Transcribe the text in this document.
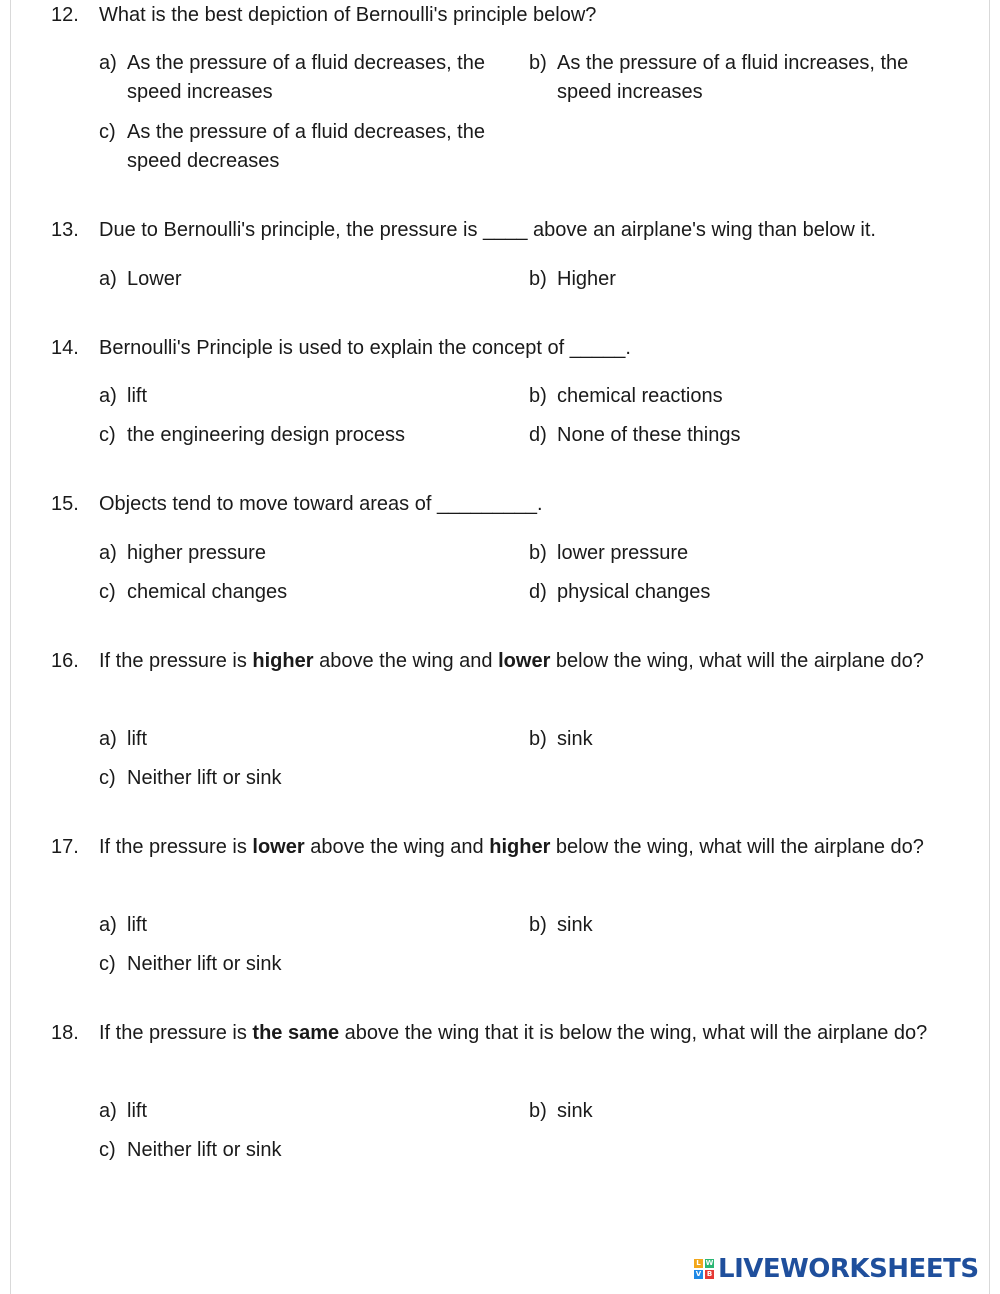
12. What is the best depiction of Bernoulli's principle below?
a) As the pressure of a fluid decreases, the speed increases
b) As the pressure of a fluid increases, the speed increases
c) As the pressure of a fluid decreases, the speed decreases
13. Due to Bernoulli's principle, the pressure is ____ above an airplane's wing than below it.
a) Lower	b) Higher
14. Bernoulli's Principle is used to explain the concept of _____.
a) lift	b) chemical reactions
c) the engineering design process	d) None of these things
15. Objects tend to move toward areas of _________.
a) higher pressure	b) lower pressure
c) chemical changes	d) physical changes
16. If the pressure is higher above the wing and lower below the wing, what will the airplane do?
a) lift	b) sink
c) Neither lift or sink
17. If the pressure is lower above the wing and higher below the wing, what will the airplane do?
a) lift	b) sink
c) Neither lift or sink
18. If the pressure is the same above the wing that it is below the wing, what will the airplane do?
a) lift	b) sink
c) Neither lift or sink
L W
V B LIVEWORKSHEETS
